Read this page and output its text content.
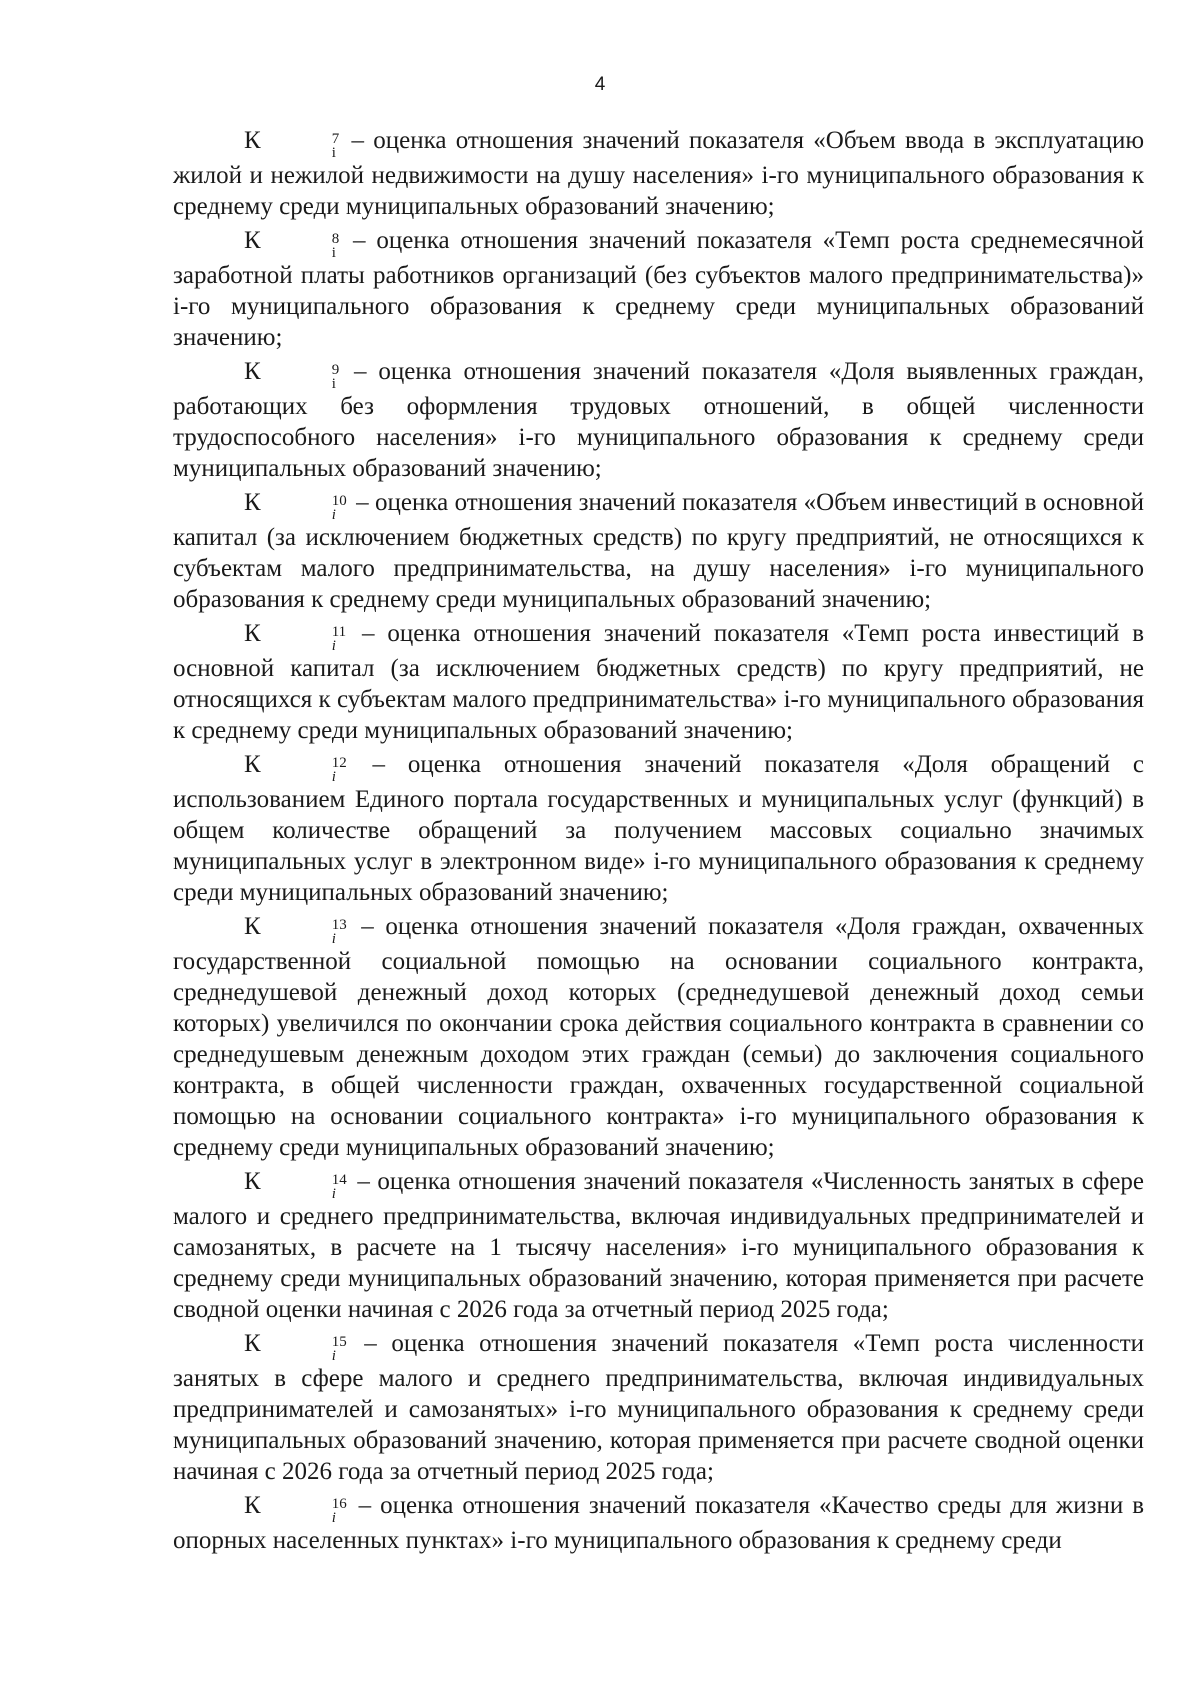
4

К	7
i – оценка отношения значений показателя «Объем ввода в эксплуатацию жилой и нежилой недвижимости на душу населения» i-го муниципального образования к среднему среди муниципальных образований значению;

К	8
i – оценка отношения значений показателя «Темп роста среднемесячной заработной платы работников организаций (без субъектов малого предпринимательства)» i-го муниципального образования к среднему среди муниципальных образований значению;

К	9
i – оценка отношения значений показателя «Доля выявленных граждан, работающих без оформления трудовых отношений, в общей численности трудоспособного населения» i-го муниципального образования к среднему среди муниципальных образований значению;

К	10
i – оценка отношения значений показателя «Объем инвестиций в основной капитал (за исключением бюджетных средств) по кругу предприятий, не относящихся к субъектам малого предпринимательства, на душу населения» i-го муниципального образования к среднему среди муниципальных образований значению;

К	11
i	– оценка отношения значений показателя «Темп роста инвестиций в основной капитал (за исключением бюджетных средств) по кругу предприятий, не относящихся к субъектам малого предпринимательства» i-го муниципального образования к среднему среди муниципальных образований значению;

К	12
i	– оценка отношения значений показателя «Доля обращений с использованием Единого портала государственных и муниципальных услуг (функций) в общем количестве обращений за получением массовых социально значимых муниципальных услуг в электронном виде» i-го муниципального образования к среднему среди муниципальных образований значению;

К	13
i	– оценка отношения значений показателя «Доля граждан, охваченных государственной социальной помощью на основании социального контракта, среднедушевой денежный доход которых (среднедушевой денежный доход семьи которых) увеличился по окончании срока действия социального контракта в сравнении со среднедушевым денежным доходом этих граждан (семьи) до заключения социального контракта, в общей численности граждан, охваченных государственной социальной помощью на основании социального контракта» i-го муниципального образования к среднему среди муниципальных образований значению;

К	14
i – оценка отношения значений показателя «Численность занятых в сфере малого и среднего предпринимательства, включая индивидуальных предпринимателей и самозанятых, в расчете на 1 тысячу населения» i-го муниципального образования к среднему среди муниципальных образований значению, которая применяется при расчете сводной оценки начиная с 2026 года за отчетный период 2025 года;

К	15
i	– оценка отношения значений показателя «Темп роста численности занятых в сфере малого и среднего предпринимательства, включая индивидуальных предпринимателей и самозанятых» i-го муниципального образования к среднему среди муниципальных образований значению, которая применяется при расчете сводной оценки начиная с 2026 года за отчетный период 2025 года;

К	16
i – оценка отношения значений показателя «Качество среды для жизни в опорных населенных пунктах» i-го муниципального образования к среднему среди
